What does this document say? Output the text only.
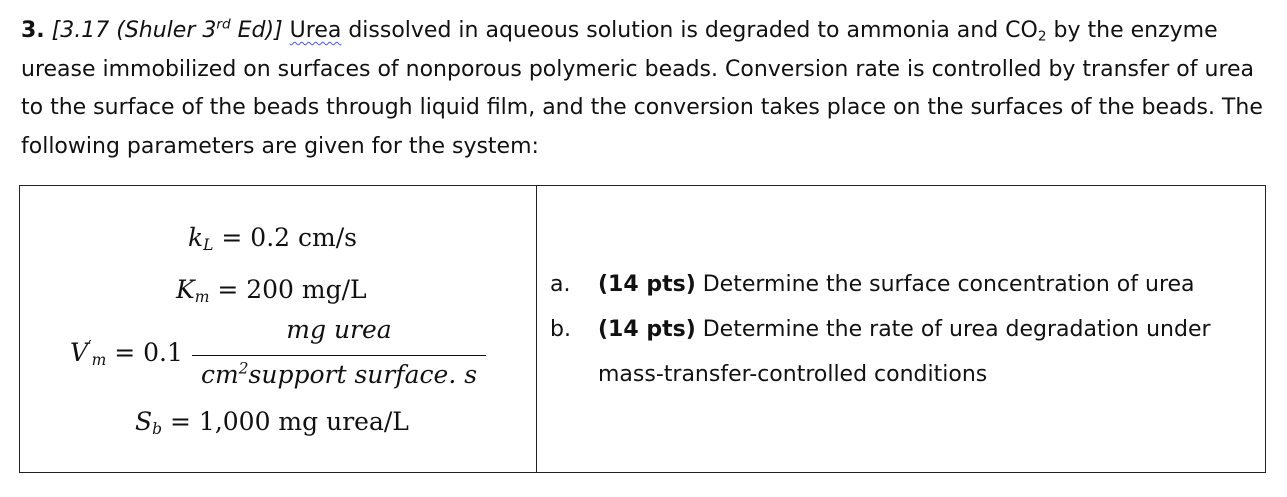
3. [3.17 (Shuler 3rd Ed)] Urea dissolved in aqueous solution is degraded to ammonia and $CO_2$ by the enzyme urease immobilized on surfaces of nonporous polymeric beads. Conversion rate is controlled by transfer of urea to the surface of the beads through liquid film, and the conversion takes place on the surfaces of the beads. The following parameters are given for the system:
$k_L = 0.2$ cm/s
$K_m = 200$ mg/L
$V'_m = 0.1$
mg urea
$cm^2support$ surface. s
$S_b = 1,000$ mg urea/L
a. (14 pts) Determine the surface concentration of urea
b. (14 pts) Determine the rate of urea degradation under
mass-transfer-controlled conditions
